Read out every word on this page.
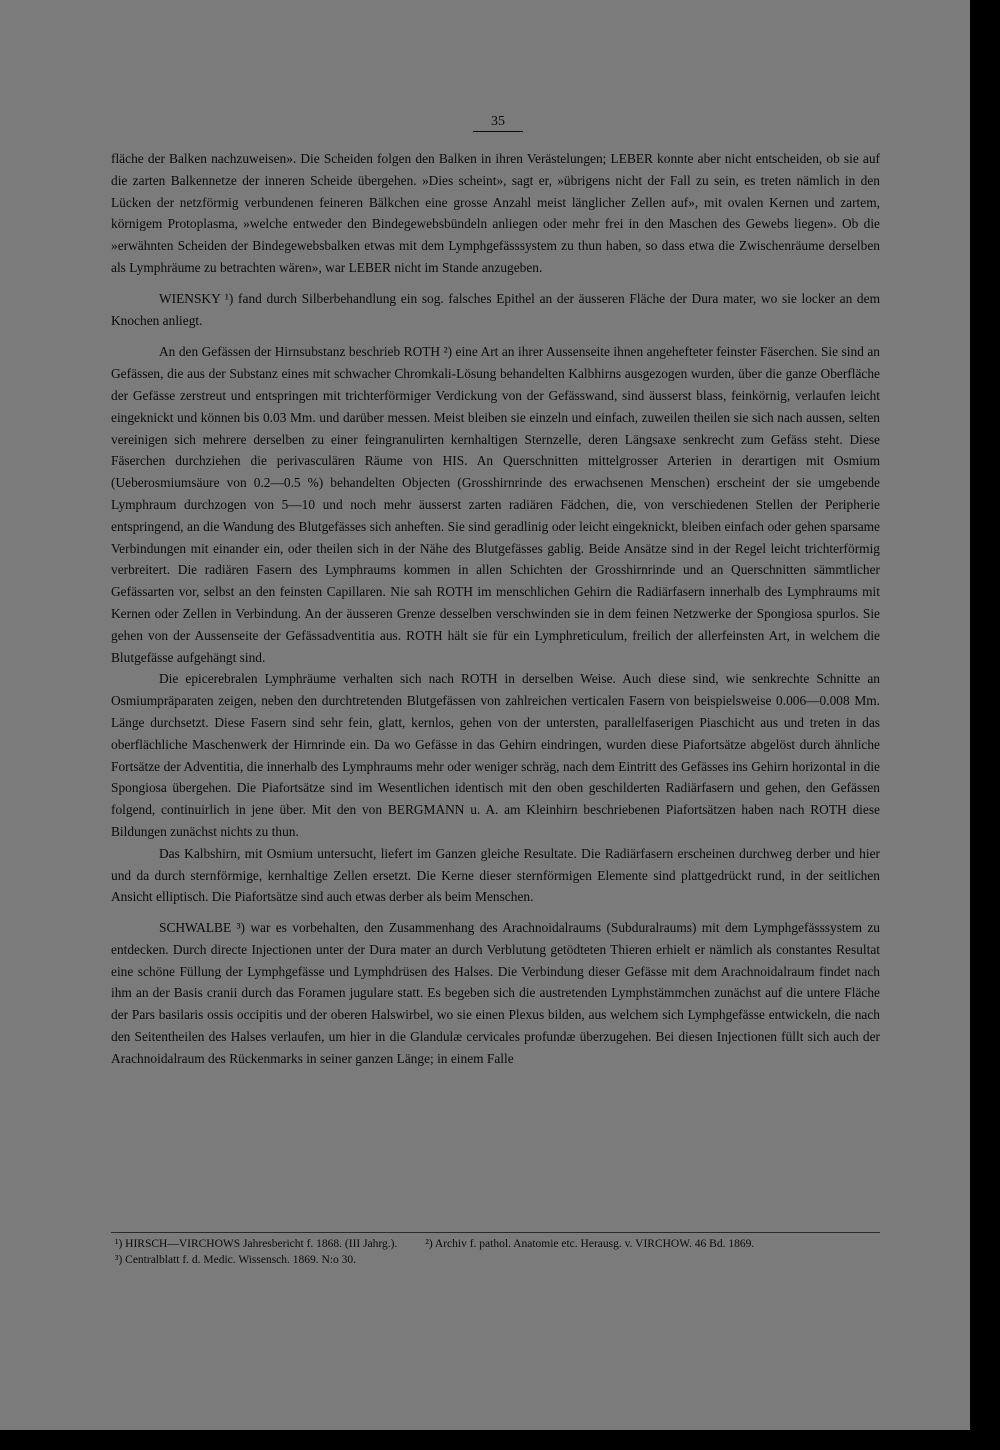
35

fläche der Balken nachzuweisen». Die Scheiden folgen den Balken in ihren Verästelungen; LEBER konnte aber nicht entscheiden, ob sie auf die zarten Balkennetze der inneren Scheide übergehen. »Dies scheint», sagt er, »übrigens nicht der Fall zu sein, es treten nämlich in den Lücken der netzförmig verbundenen feineren Bälkchen eine grosse Anzahl meist länglicher Zellen auf», mit ovalen Kernen und zartem, körnigem Protoplasma, »welche entweder den Bindegewebsbündeln anliegen oder mehr frei in den Maschen des Gewebs liegen». Ob die »erwähnten Scheiden der Bindegewebsbalken etwas mit dem Lymphgefässsystem zu thun haben, so dass etwa die Zwischenräume derselben als Lymphräume zu betrachten wären», war LEBER nicht im Stande anzugeben.

WIENSKY ¹) fand durch Silberbehandlung ein sog. falsches Epithel an der äusseren Fläche der Dura mater, wo sie locker an dem Knochen anliegt.

An den Gefässen der Hirnsubstanz beschrieb ROTH ²) eine Art an ihrer Aussenseite ihnen angehefteter feinster Fäserchen. Sie sind an Gefässen, die aus der Substanz eines mit schwacher Chromkali-Lösung behandelten Kalbhirns ausgezogen wurden, über die ganze Oberfläche der Gefässe zerstreut und entspringen mit trichterförmiger Verdickung von der Gefässwand, sind äusserst blass, feinkörnig, verlaufen leicht eingeknickt und können bis 0.03 Mm. und darüber messen. Meist bleiben sie einzeln und einfach, zuweilen theilen sie sich nach aussen, selten vereinigen sich mehrere derselben zu einer feingranulirten kernhaltigen Sternzelle, deren Längsaxe senkrecht zum Gefäss steht. Diese Fäserchen durchziehen die perivasculären Räume von HIS. An Querschnitten mittelgrosser Arterien in derartigen mit Osmium (Ueberosmiumsäure von 0.2—0.5 %) behandelten Objecten (Grosshirnrinde des erwachsenen Menschen) erscheint der sie umgebende Lymphraum durchzogen von 5—10 und noch mehr äusserst zarten radiären Fädchen, die, von verschiedenen Stellen der Peripherie entspringend, an die Wandung des Blutgefässes sich anheften. Sie sind geradlinig oder leicht eingeknickt, bleiben einfach oder gehen sparsame Verbindungen mit einander ein, oder theilen sich in der Nähe des Blutgefässes gablig. Beide Ansätze sind in der Regel leicht trichterförmig verbreitert. Die radiären Fasern des Lymphraums kommen in allen Schichten der Grosshirnrinde und an Querschnitten sämmtlicher Gefässarten vor, selbst an den feinsten Capillaren. Nie sah ROTH im menschlichen Gehirn die Radiärfasern innerhalb des Lymphraums mit Kernen oder Zellen in Verbindung. An der äusseren Grenze desselben verschwinden sie in dem feinen Netzwerke der Spongiosa spurlos. Sie gehen von der Aussenseite der Gefässadventitia aus. ROTH hält sie für ein Lymphreticulum, freilich der allerfeinsten Art, in welchem die Blutgefässe aufgehängt sind.

Die epicerebralen Lymphräume verhalten sich nach ROTH in derselben Weise. Auch diese sind, wie senkrechte Schnitte an Osmiumpräparaten zeigen, neben den durchtretenden Blutgefässen von zahlreichen verticalen Fasern von beispielsweise 0.006—0.008 Mm. Länge durchsetzt. Diese Fasern sind sehr fein, glatt, kernlos, gehen von der untersten, parallelfaserigen Piaschicht aus und treten in das oberflächliche Maschenwerk der Hirnrinde ein. Da wo Gefässe in das Gehirn eindringen, wurden diese Piafortsätze abgelöst durch ähnliche Fortsätze der Adventitia, die innerhalb des Lymphraums mehr oder weniger schräg, nach dem Eintritt des Gefässes ins Gehirn horizontal in die Spongiosa übergehen. Die Piafortsätze sind im Wesentlichen identisch mit den oben geschilderten Radiärfasern und gehen, den Gefässen folgend, continuirlich in jene über. Mit den von BERGMANN u. A. am Kleinhirn beschriebenen Piafortsätzen haben nach ROTH diese Bildungen zunächst nichts zu thun.

Das Kalbshirn, mit Osmium untersucht, liefert im Ganzen gleiche Resultate. Die Radiärfasern erscheinen durchweg derber und hier und da durch sternförmige, kernhaltige Zellen ersetzt. Die Kerne dieser sternförmigen Elemente sind plattgedrückt rund, in der seitlichen Ansicht elliptisch. Die Piafortsätze sind auch etwas derber als beim Menschen.

SCHWALBE ³) war es vorbehalten, den Zusammenhang des Arachnoidalraums (Subduralraums) mit dem Lymphgefässsystem zu entdecken. Durch directe Injectionen unter der Dura mater an durch Verblutung getödteten Thieren erhielt er nämlich als constantes Resultat eine schöne Füllung der Lymphgefässe und Lymphdrüsen des Halses. Die Verbindung dieser Gefässe mit dem Arachnoidalraum findet nach ihm an der Basis cranii durch das Foramen jugulare statt. Es begeben sich die austretenden Lymphstämmchen zunächst auf die untere Fläche der Pars basilaris ossis occipitis und der oberen Halswirbel, wo sie einen Plexus bilden, aus welchem sich Lymphgefässe entwickeln, die nach den Seitentheilen des Halses verlaufen, um hier in die Glandulæ cervicales profundæ überzugehen. Bei diesen Injectionen füllt sich auch der Arachnoidalraum des Rückenmarks in seiner ganzen Länge; in einem Falle

¹) HIRSCH—VIRCHOWS Jahresbericht f. 1868. (III Jahrg.). ²) Archiv f. pathol. Anatomie etc. Herausg. v. VIRCHOW. 46 Bd. 1869.
³) Centralblatt f. d. Medic. Wissensch. 1869. N:o 30.
